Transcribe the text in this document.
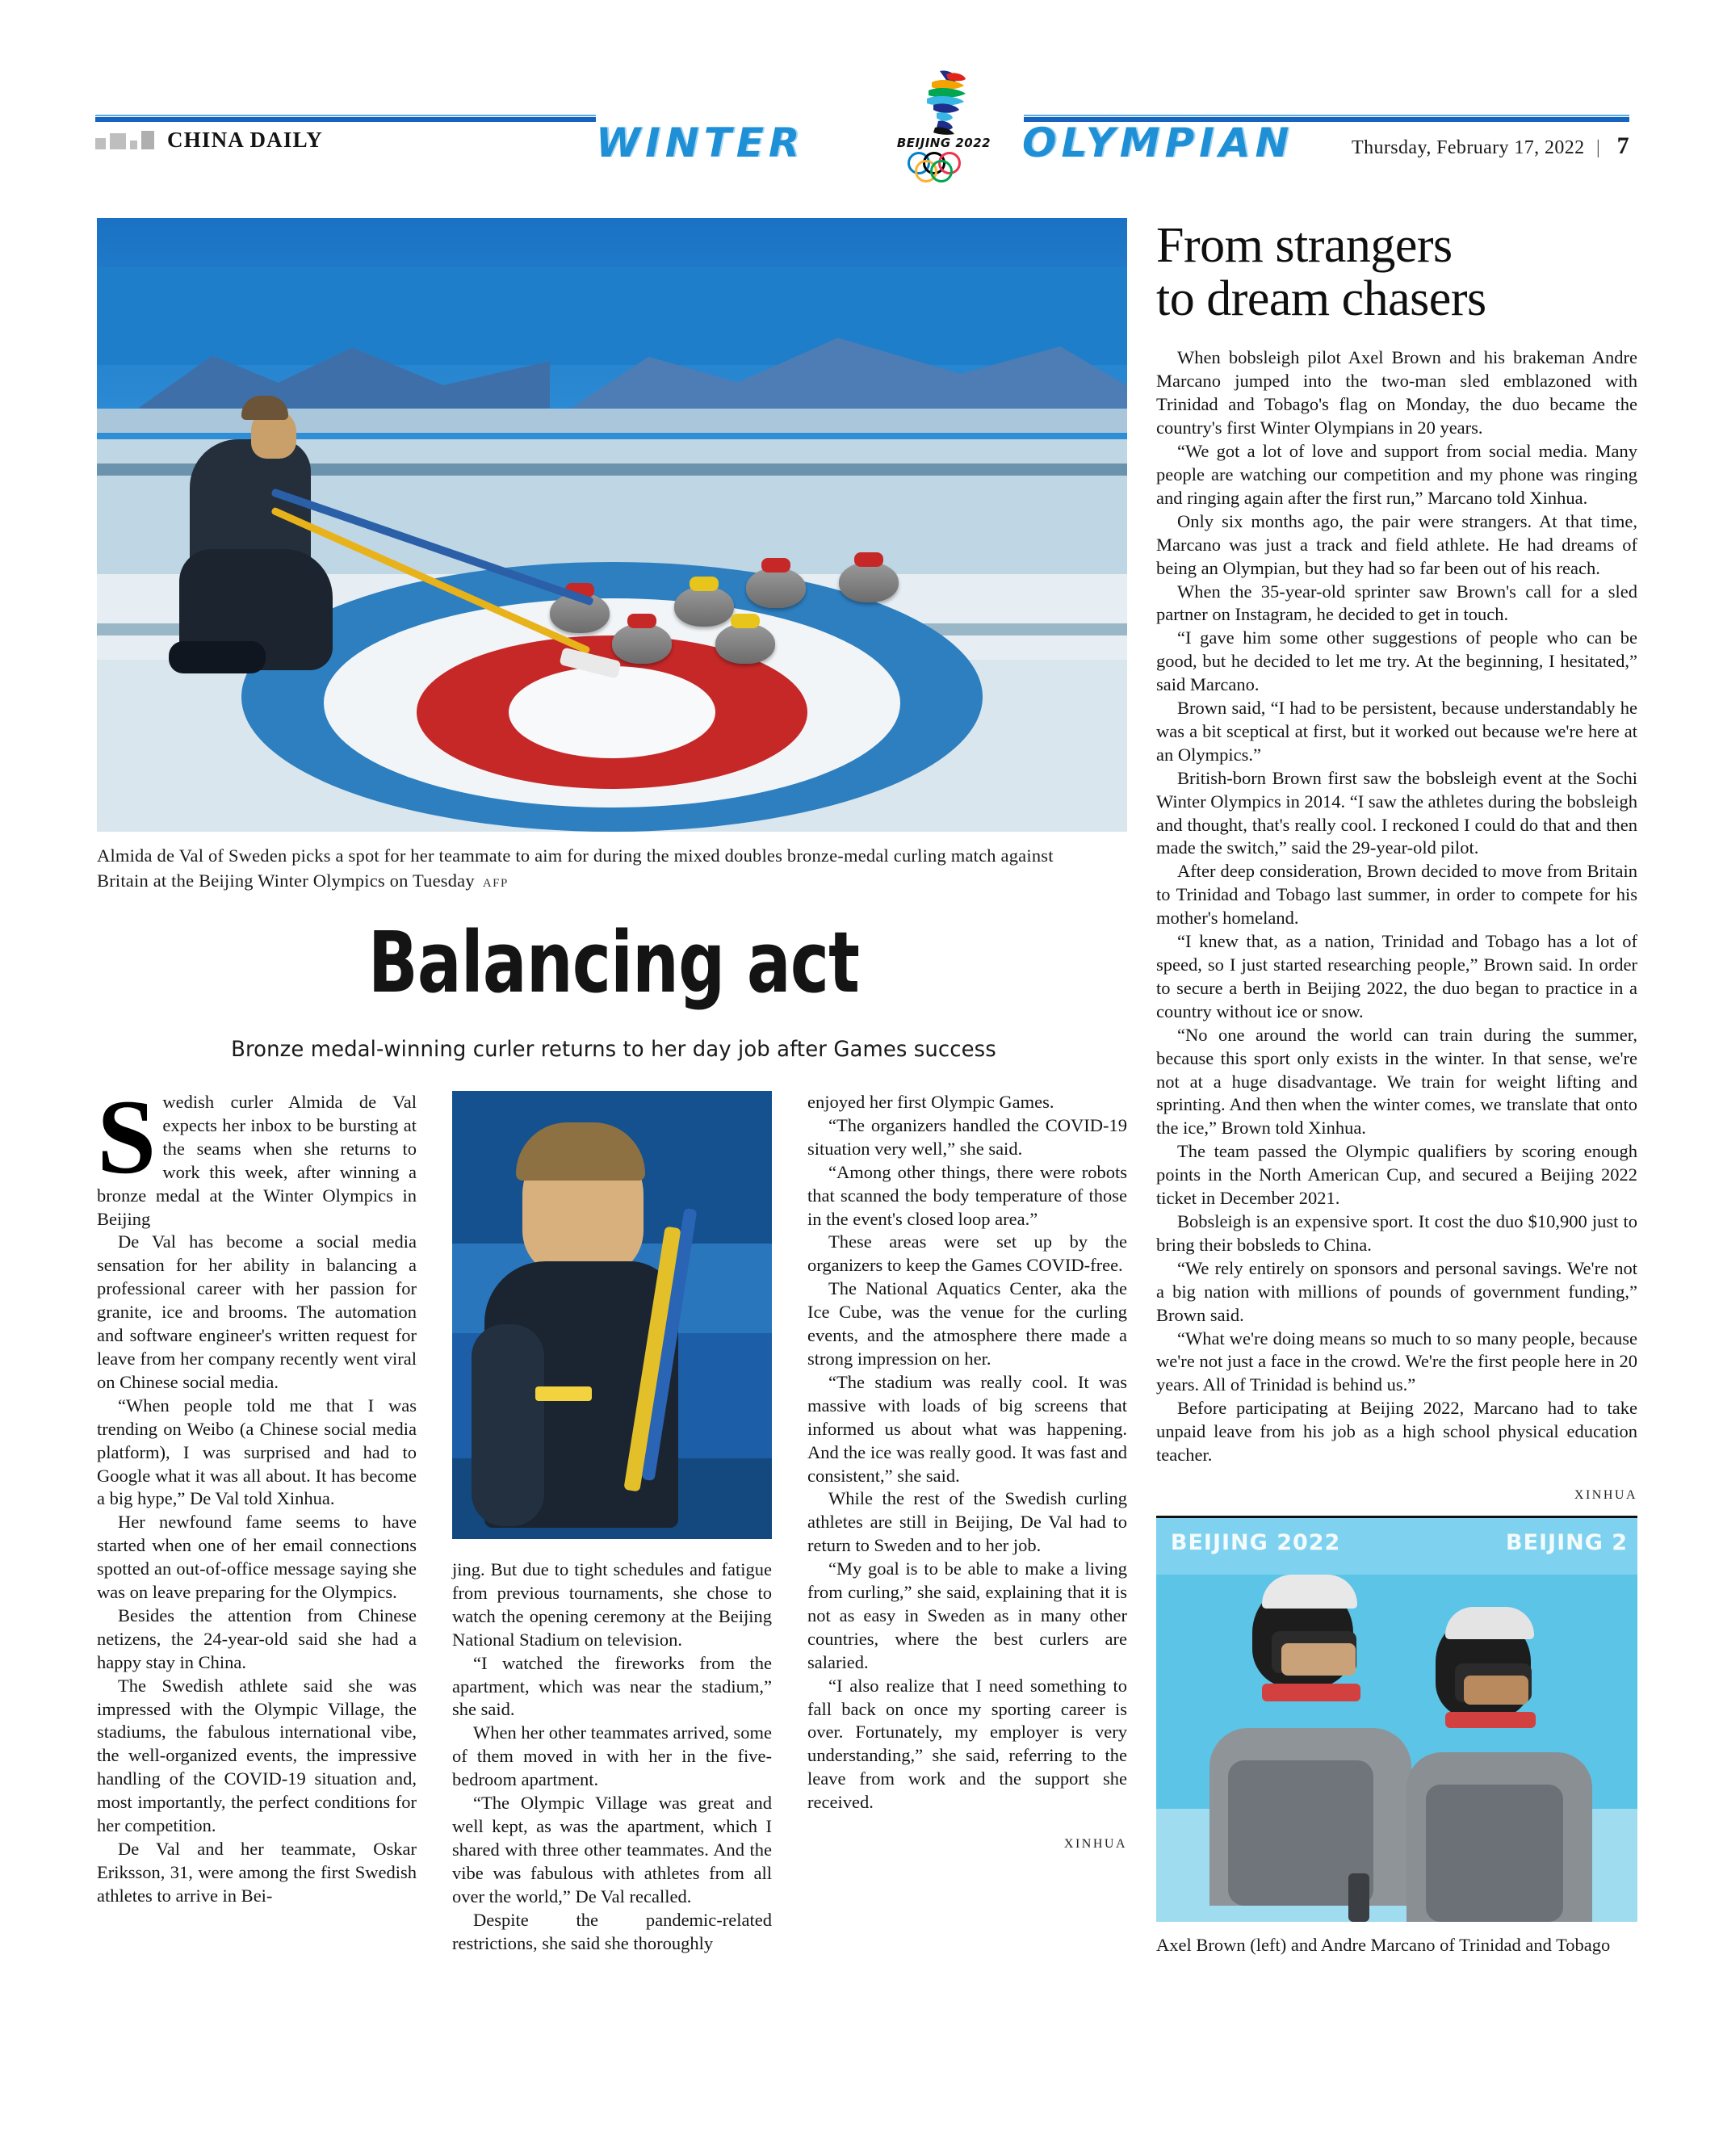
CHINA DAILY	WINTER	OLYMPIAN
BEIJING 2022	Thursday, February 17, 2022 | 7
Almida de Val of Sweden picks a spot for her teammate to aim for during the mixed doubles bronze-medal curling match against Britain at the Beijing Winter Olympics on Tuesday AFP
Balancing act
Bronze medal-winning curler returns to her day job after Games success

Swedish curler Almida de Val expects her inbox to be bursting at the seams when she returns to work this week, after winning a bronze medal at the Winter Olympics in Beijing

De Val has become a social media sensation for her ability in balancing a professional career with her passion for granite, ice and brooms. The automation and software engineer's written request for leave from her company recently went viral on Chinese social media.

“When people told me that I was trending on Weibo (a Chinese social media platform), I was surprised and had to Google what it was all about. It has become a big hype,” De Val told Xinhua.

Her newfound fame seems to have started when one of her email connections spotted an out-of-office message saying she was on leave preparing for the Olympics.

Besides the attention from Chinese netizens, the 24-year-old said she had a happy stay in China.

The Swedish athlete said she was impressed with the Olympic Village, the stadiums, the fabulous international vibe, the well-organized events, the impressive handling of the COVID-19 situation and, most importantly, the perfect conditions for her competition.

De Val and her teammate, Oskar Eriksson, 31, were among the first Swedish athletes to arrive in Bei-

jing. But due to tight schedules and fatigue from previous tournaments, she chose to watch the opening ceremony at the Beijing National Stadium on television.

“I watched the fireworks from the apartment, which was near the stadium,” she said.

When her other teammates arrived, some of them moved in with her in the five-bedroom apartment.

“The Olympic Village was great and well kept, as was the apartment, which I shared with three other teammates. And the vibe was fabulous with athletes from all over the world,” De Val recalled.

Despite the pandemic-related restrictions, she said she thoroughly

enjoyed her first Olympic Games.

“The organizers handled the COVID-19 situation very well,” she said.

“Among other things, there were robots that scanned the body temperature of those in the event's closed loop area.”

These areas were set up by the organizers to keep the Games COVID-free.

The National Aquatics Center, aka the Ice Cube, was the venue for the curling events, and the atmosphere there made a strong impression on her.

“The stadium was really cool. It was massive with loads of big screens that informed us about what was happening. And the ice was really good. It was fast and consistent,” she said.

While the rest of the Swedish curling athletes are still in Beijing, De Val had to return to Sweden and to her job.

“My goal is to be able to make a living from curling,” she said, explaining that it is not as easy in Sweden as in many other countries, where the best curlers are salaried.

“I also realize that I need something to fall back on once my sporting career is over. Fortunately, my employer is very understanding,” she said, referring to the leave from work and the support she received.

XINHUA
From strangers
to dream chasers

When bobsleigh pilot Axel Brown and his brakeman Andre Marcano jumped into the two-man sled emblazoned with Trinidad and Tobago's flag on Monday, the duo became the country's first Winter Olympians in 20 years.

“We got a lot of love and support from social media. Many people are watching our competition and my phone was ringing and ringing again after the first run,” Marcano told Xinhua.

Only six months ago, the pair were strangers. At that time, Marcano was just a track and field athlete. He had dreams of being an Olympian, but they had so far been out of his reach.

When the 35-year-old sprinter saw Brown's call for a sled partner on Instagram, he decided to get in touch.

“I gave him some other suggestions of people who can be good, but he decided to let me try. At the beginning, I hesitated,” said Marcano.

Brown said, “I had to be persistent, because understandably he was a bit sceptical at first, but it worked out because we're here at an Olympics.”

British-born Brown first saw the bobsleigh event at the Sochi Winter Olympics in 2014. “I saw the athletes during the bobsleigh and thought, that's really cool. I reckoned I could do that and then made the switch,” said the 29-year-old pilot.

After deep consideration, Brown decided to move from Britain to Trinidad and Tobago last summer, in order to compete for his mother's homeland.

“I knew that, as a nation, Trinidad and Tobago has a lot of speed, so I just started researching people,” Brown said. In order to secure a berth in Beijing 2022, the duo began to practice in a country without ice or snow.

“No one around the world can train during the summer, because this sport only exists in the winter. In that sense, we're not at a huge disadvantage. We train for weight lifting and sprinting. And then when the winter comes, we translate that onto the ice,” Brown told Xinhua.

The team passed the Olympic qualifiers by scoring enough points in the North American Cup, and secured a Beijing 2022 ticket in December 2021.

Bobsleigh is an expensive sport. It cost the duo $10,900 just to bring their bobsleds to China.

“We rely entirely on sponsors and personal savings. We're not a big nation with millions of pounds of government funding,” Brown said.

“What we're doing means so much to so many people, because we're not just a face in the crowd. We're the first people here in 20 years. All of Trinidad is behind us.”

Before participating at Beijing 2022, Marcano had to take unpaid leave from his job as a high school physical education teacher.

XINHUA
BEIJING 2022	BEIJING 2
Axel Brown (left) and Andre Marcano of Trinidad and Tobago
